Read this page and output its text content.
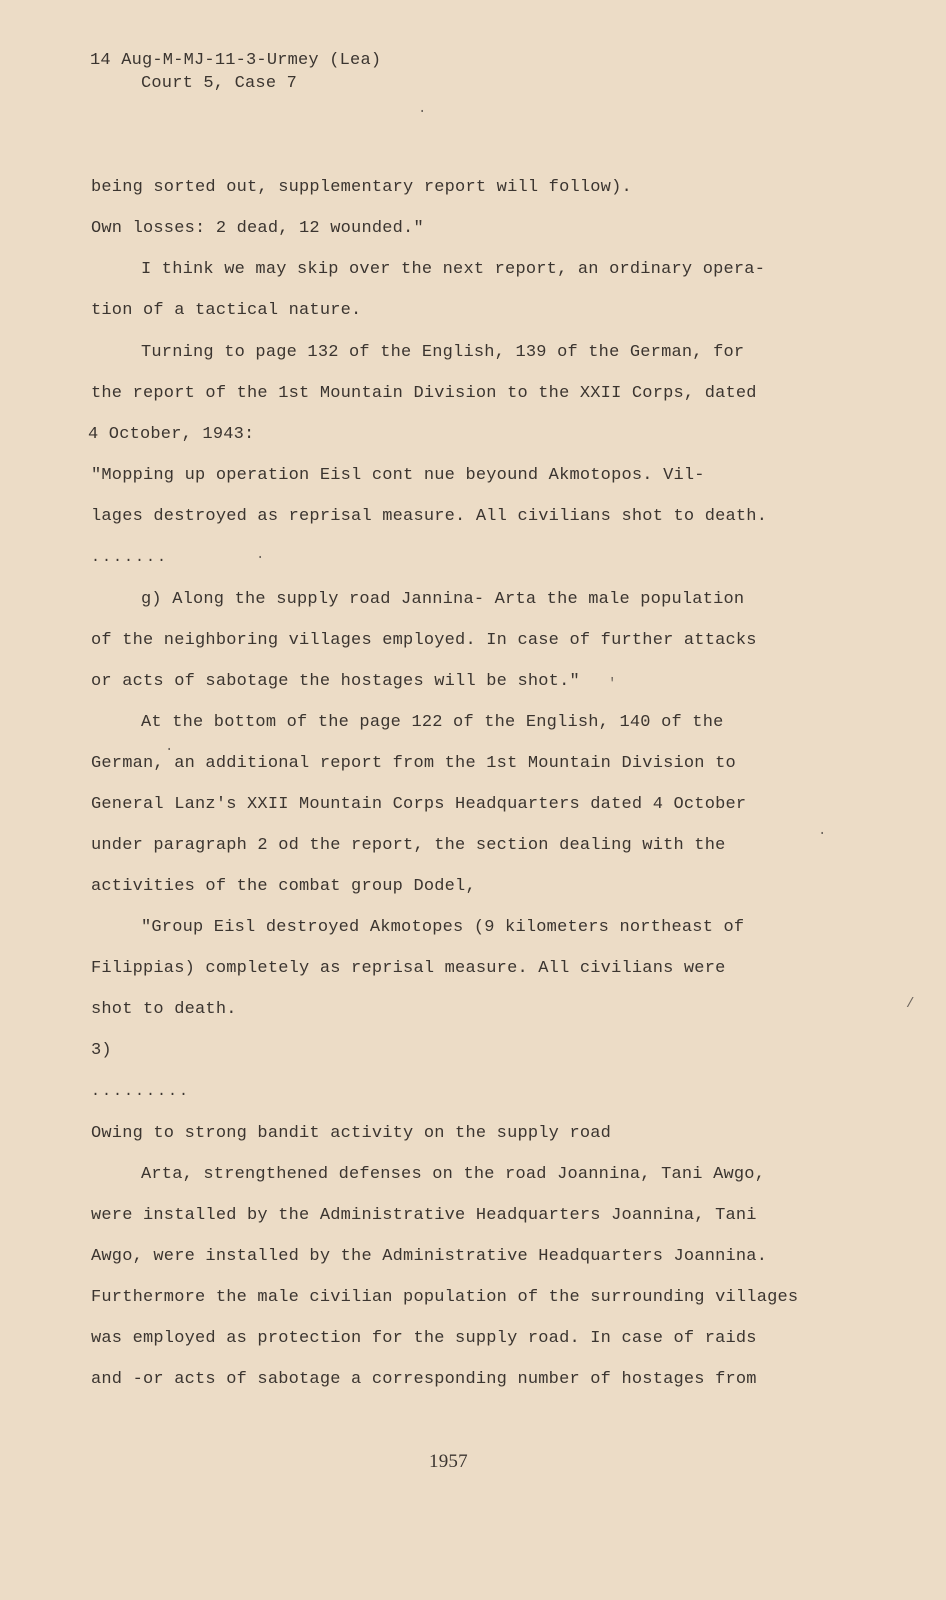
14 Aug-M-MJ-11-3-Urmey (Lea)
Court 5, Case 7
being sorted out, supplementary report will follow).
Own losses: 2 dead, 12 wounded."
I think we may skip over the next report, an ordinary opera-
tion of a tactical nature.
Turning to page 132 of the English, 139 of the German, for
the report of the 1st Mountain Division to the XXII Corps, dated
4 October, 1943:
"Mopping up operation Eisl cont nue beyound Akmotopos. Vil-
lages destroyed as reprisal measure. All civilians shot to death.
.......
g) Along the supply road Jannina- Arta the male population
of the neighboring villages employed. In case of further attacks
or acts of sabotage the hostages will be shot."
At the bottom of the page 122 of the English, 140 of the
German, an additional report from the 1st Mountain Division to
General Lanz's XXII Mountain Corps Headquarters dated 4 October
under paragraph 2 od the report, the section dealing with the
activities of the combat group Dodel,
"Group Eisl destroyed Akmotopes (9 kilometers northeast of
Filippias) completely as reprisal measure. All civilians were
shot to death.
3)
.........
Owing to strong bandit activity on the supply road
Arta, strengthened defenses on the road Joannina, Tani Awgo,
were installed by the Administrative Headquarters Joannina, Tani
Awgo, were installed by the Administrative Headquarters Joannina.
Furthermore the male civilian population of the surrounding villages
was employed as protection for the supply road. In case of raids
and -or acts of sabotage a corresponding number of hostages from
1957
·
·
′
·
·
/
